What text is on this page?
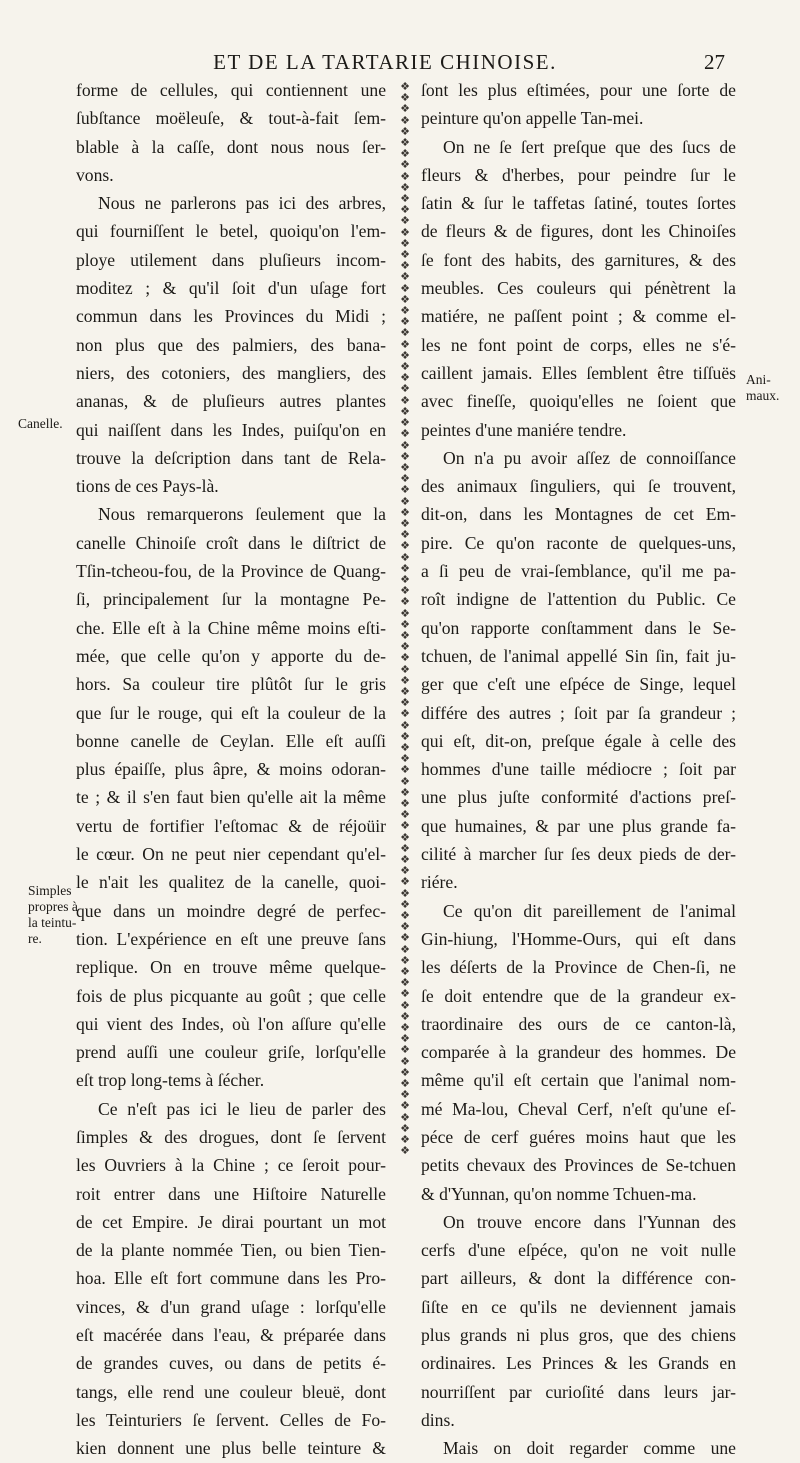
ET DE LA TARTARIE CHINOISE.	27
forme de cellules, qui contiennent une
ſubſtance moëleuſe, & tout-à-fait ſem-
blable à la caſſe, dont nous nous ſer-
vons.
Nous ne parlerons pas ici des arbres,
qui fourniſſent le betel, quoiqu'on l'em-
ploye utilement dans pluſieurs incom-
moditez ; & qu'il ſoit d'un uſage fort
commun dans les Provinces du Midi ;
non plus que des palmiers, des bana-
niers, des cotoniers, des mangliers, des
ananas, & de pluſieurs autres plantes
qui naiſſent dans les Indes, puiſqu'on en
trouve la deſcription dans tant de Rela-
tions de ces Pays-là.
Nous remarquerons ſeulement que la
canelle Chinoiſe croît dans le diſtrict de
Tſin-tcheou-fou, de la Province de Quang-
ſi, principalement ſur la montagne Pe-
che. Elle eſt à la Chine même moins eſti-
mée, que celle qu'on y apporte du de-
hors. Sa couleur tire plûtôt ſur le gris
que ſur le rouge, qui eſt la couleur de la
bonne canelle de Ceylan. Elle eſt auſſi
plus épaiſſe, plus âpre, & moins odoran-
te ; & il s'en faut bien qu'elle ait la même
vertu de fortifier l'eſtomac & de réjoüir
le cœur. On ne peut nier cependant qu'el-
le n'ait les qualitez de la canelle, quoi-
que dans un moindre degré de perfec-
tion. L'expérience en eſt une preuve ſans
replique. On en trouve même quelque-
fois de plus picquante au goût ; que celle
qui vient des Indes, où l'on aſſure qu'elle
prend auſſi une couleur griſe, lorſqu'elle
eſt trop long-tems à ſécher.
Ce n'eſt pas ici le lieu de parler des
ſimples & des drogues, dont ſe ſervent
les Ouvriers à la Chine ; ce ſeroit pour-
roit entrer dans une Hiſtoire Naturelle
de cet Empire. Je dirai pourtant un mot
de la plante nommée Tien, ou bien Tien-
hoa. Elle eſt fort commune dans les Pro-
vinces, & d'un grand uſage : lorſqu'elle
eſt macérée dans l'eau, & préparée dans
de grandes cuves, ou dans de petits é-
tangs, elle rend une couleur bleuë, dont
les Teinturiers ſe ſervent. Celles de Fo-
kien donnent une plus belle teinture &
❖
❖
❖
❖
❖
❖
❖
❖
❖
❖
❖
❖
❖
❖
❖
❖
❖
❖
❖
❖
❖
❖
❖
❖
❖
❖
❖
❖
❖
❖
❖
❖
❖
❖
❖
❖
❖
❖
❖
❖
❖
❖
❖
❖
❖
❖
❖
❖
❖
❖
❖
❖
❖
❖
❖
❖
❖
❖
❖
❖
❖
❖
❖
❖
❖
❖
❖
❖
❖
❖
❖
❖
❖
❖
❖
❖
❖
❖
❖
❖
❖
❖
❖
❖
❖
❖
❖
❖
❖
❖
❖
❖
❖
❖
❖
❖
ſont les plus eſtimées, pour une ſorte de
peinture qu'on appelle Tan-mei.
On ne ſe ſert preſque que des ſucs de
fleurs & d'herbes, pour peindre ſur le
ſatin & ſur le taffetas ſatiné, toutes ſortes
de fleurs & de figures, dont les Chinoiſes
ſe font des habits, des garnitures, & des
meubles. Ces couleurs qui pénètrent la
matiére, ne paſſent point ; & comme el-
les ne font point de corps, elles ne s'é-
caillent jamais. Elles ſemblent être tiſſuës
avec fineſſe, quoiqu'elles ne ſoient que
peintes d'une maniére tendre.
On n'a pu avoir aſſez de connoiſſance
des animaux ſinguliers, qui ſe trouvent,
dit-on, dans les Montagnes de cet Em-
pire. Ce qu'on raconte de quelques-uns,
a ſi peu de vrai-ſemblance, qu'il me pa-
roît indigne de l'attention du Public. Ce
qu'on rapporte conſtamment dans le Se-
tchuen, de l'animal appellé Sin ſin, fait ju-
ger que c'eſt une eſpéce de Singe, lequel
différe des autres ; ſoit par ſa grandeur ;
qui eſt, dit-on, preſque égale à celle des
hommes d'une taille médiocre ; ſoit par
une plus juſte conformité d'actions preſ-
que humaines, & par une plus grande fa-
cilité à marcher ſur ſes deux pieds de der-
riére.
Ce qu'on dit pareillement de l'animal
Gin-hiung, l'Homme-Ours, qui eſt dans
les déſerts de la Province de Chen-ſi, ne
ſe doit entendre que de la grandeur ex-
traordinaire des ours de ce canton-là,
comparée à la grandeur des hommes. De
même qu'il eſt certain que l'animal nom-
mé Ma-lou, Cheval Cerf, n'eſt qu'une eſ-
péce de cerf guéres moins haut que les
petits chevaux des Provinces de Se-tchuen
& d'Yunnan, qu'on nomme Tchuen-ma.
On trouve encore dans l'Yunnan des
cerfs d'une eſpéce, qu'on ne voit nulle
part ailleurs, & dont la différence con-
ſiſte en ce qu'ils ne deviennent jamais
plus grands ni plus gros, que des chiens
ordinaires. Les Princes & les Grands en
nourriſſent par curioſité dans leurs jar-
dins.
Mais on doit regarder comme une
Canelle.
Simples
propres à
la teintu-
re.
Ani-
maux.
